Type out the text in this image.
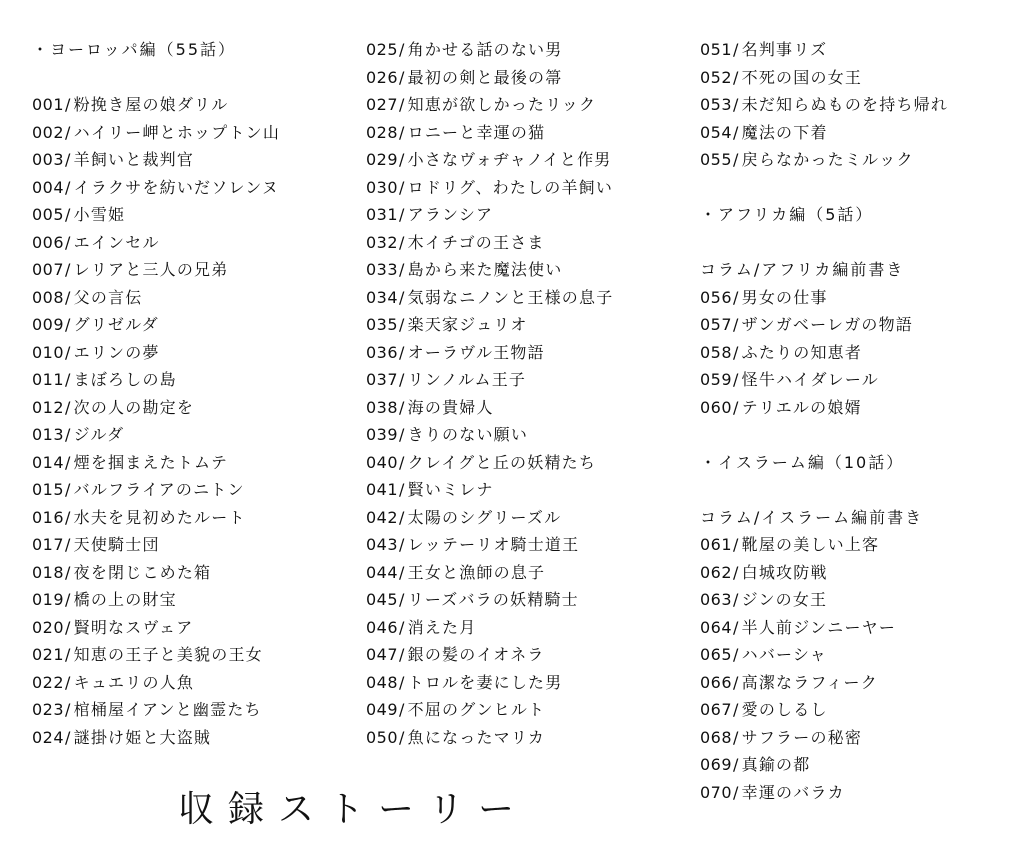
・ヨーロッパ編（55話）
001/ 粉挽き屋の娘ダリル
002/ ハイリー岬とホップトン山
003/ 羊飼いと裁判官
004/ イラクサを紡いだソレンヌ
005/ 小雪姫
006/ エインセル
007/ レリアと三人の兄弟
008/ 父の言伝
009/ グリゼルダ
010/ エリンの夢
011/ まぼろしの島
012/ 次の人の勘定を
013/ ジルダ
014/ 煙を掴まえたトムテ
015/ バルフライアのニトン
016/ 水夫を見初めたルート
017/ 天使騎士団
018/ 夜を閉じこめた箱
019/ 橋の上の財宝
020/ 賢明なスヴェア
021/ 知恵の王子と美貌の王女
022/ キュエリの人魚
023/ 棺桶屋イアンと幽霊たち
024/ 謎掛け姫と大盗賊
025/ 角かせる話のない男
026/ 最初の剣と最後の箒
027/ 知恵が欲しかったリック
028/ ロニーと幸運の猫
029/ 小さなヴォヂャノイと作男
030/ ロドリグ、わたしの羊飼い
031/ アランシア
032/ 木イチゴの王さま
033/ 島から来た魔法使い
034/ 気弱なニノンと王様の息子
035/ 楽天家ジュリオ
036/ オーラヴル王物語
037/ リンノルム王子
038/ 海の貴婦人
039/ きりのない願い
040/ クレイグと丘の妖精たち
041/ 賢いミレナ
042/ 太陽のシグリーズル
043/ レッテーリオ騎士道王
044/ 王女と漁師の息子
045/ リーズバラの妖精騎士
046/ 消えた月
047/ 銀の髪のイオネラ
048/ トロルを妻にした男
049/ 不屈のグンヒルト
050/ 魚になったマリカ
051/ 名判事リズ
052/ 不死の国の女王
053/ 未だ知らぬものを持ち帰れ
054/ 魔法の下着
055/ 戻らなかったミルック
・アフリカ編（5話）
コラム/アフリカ編前書き
056/ 男女の仕事
057/ ザンガベーレガの物語
058/ ふたりの知恵者
059/ 怪牛ハイダレール
060/ テリエルの娘婿
・イスラーム編（10話）
コラム/イスラーム編前書き
061/ 靴屋の美しい上客
062/ 白城攻防戦
063/ ジンの女王
064/ 半人前ジンニーヤー
065/ ハバーシャ
066/ 高潔なラフィーク
067/ 愛のしるし
068/ サフラーの秘密
069/ 真鍮の都
070/ 幸運のバラカ
収録ストーリー
